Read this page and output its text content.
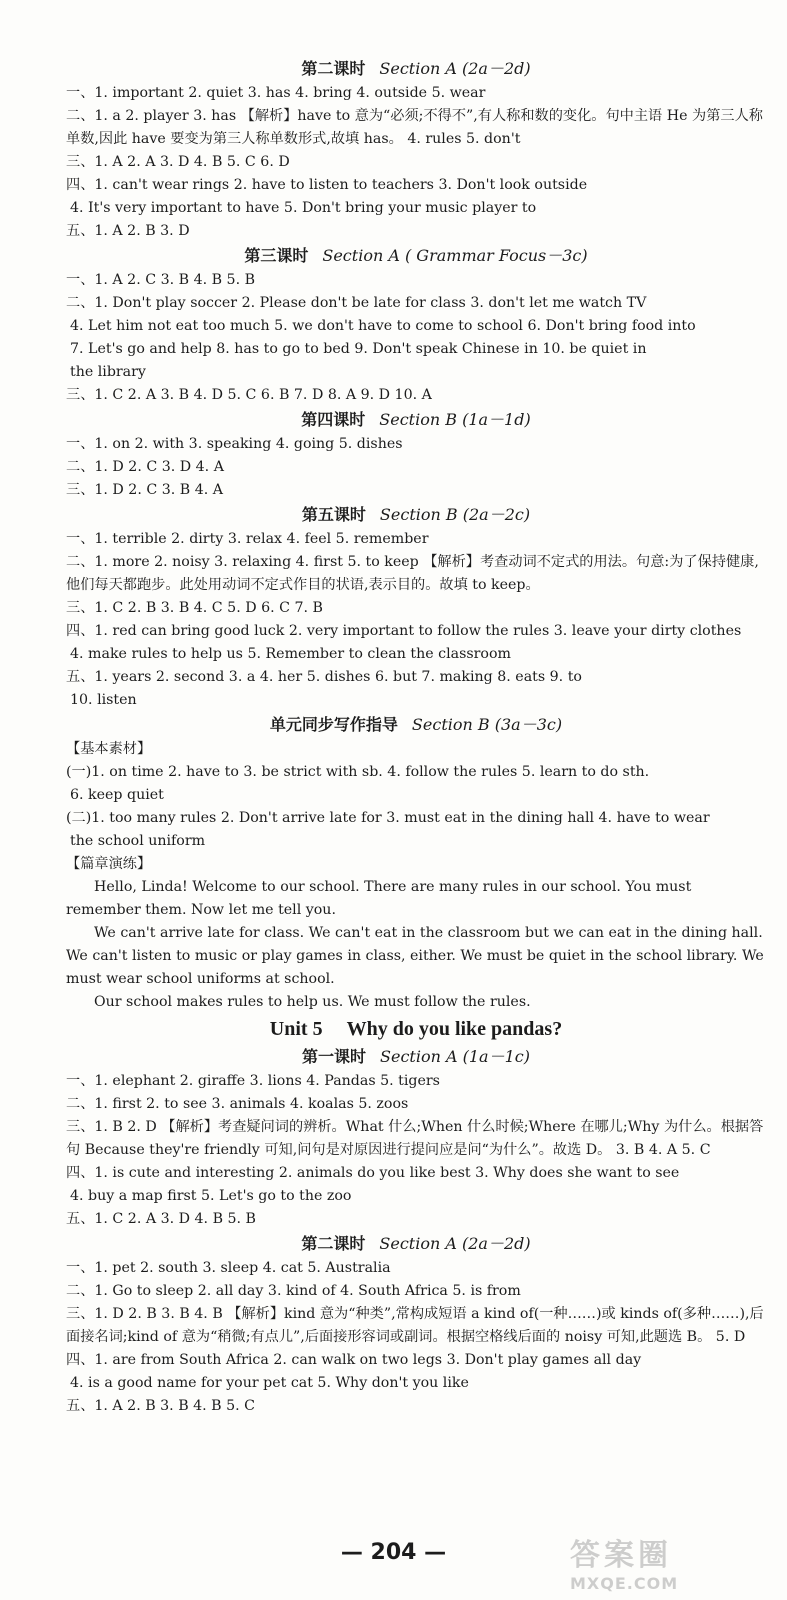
第二课时 Section A (2a－2d)
一、1. important 2. quiet 3. has 4. bring 4. outside 5. wear
二、1. a 2. player 3. has 【解析】have to 意为“必须;不得不”,有人称和数的变化。句中主语 He 为第三人称单数,因此 have 要变为第三人称单数形式,故填 has。 4. rules 5. don't
三、1. A 2. A 3. D 4. B 5. C 6. D
四、1. can't wear rings 2. have to listen to teachers 3. Don't look outside
4. It's very important to have 5. Don't bring your music player to
五、1. A 2. B 3. D
第三课时 Section A ( Grammar Focus－3c)
一、1. A 2. C 3. B 4. B 5. B
二、1. Don't play soccer 2. Please don't be late for class 3. don't let me watch TV
4. Let him not eat too much 5. we don't have to come to school 6. Don't bring food into
7. Let's go and help 8. has to go to bed 9. Don't speak Chinese in 10. be quiet in
the library
三、1. C 2. A 3. B 4. D 5. C 6. B 7. D 8. A 9. D 10. A
第四课时 Section B (1a－1d)
一、1. on 2. with 3. speaking 4. going 5. dishes
二、1. D 2. C 3. D 4. A
三、1. D 2. C 3. B 4. A
第五课时 Section B (2a－2c)
一、1. terrible 2. dirty 3. relax 4. feel 5. remember
二、1. more 2. noisy 3. relaxing 4. first 5. to keep 【解析】考查动词不定式的用法。句意:为了保持健康,他们每天都跑步。此处用动词不定式作目的状语,表示目的。故填 to keep。
三、1. C 2. B 3. B 4. C 5. D 6. C 7. B
四、1. red can bring good luck 2. very important to follow the rules 3. leave your dirty clothes
4. make rules to help us 5. Remember to clean the classroom
五、1. years 2. second 3. a 4. her 5. dishes 6. but 7. making 8. eats 9. to
10. listen
单元同步写作指导 Section B (3a－3c)
【基本素材】
(一)1. on time 2. have to 3. be strict with sb. 4. follow the rules 5. learn to do sth.
6. keep quiet
(二)1. too many rules 2. Don't arrive late for 3. must eat in the dining hall 4. have to wear
the school uniform
【篇章演练】
Hello, Linda! Welcome to our school. There are many rules in our school. You must remember them. Now let me tell you.
We can't arrive late for class. We can't eat in the classroom but we can eat in the dining hall. We can't listen to music or play games in class, either. We must be quiet in the school library. We must wear school uniforms at school.
Our school makes rules to help us. We must follow the rules.
Unit 5 Why do you like pandas?
第一课时 Section A (1a－1c)
一、1. elephant 2. giraffe 3. lions 4. Pandas 5. tigers
二、1. first 2. to see 3. animals 4. koalas 5. zoos
三、1. B 2. D 【解析】考查疑问词的辨析。What 什么;When 什么时候;Where 在哪儿;Why 为什么。根据答句 Because they're friendly 可知,问句是对原因进行提问应是问“为什么”。故选 D。 3. B 4. A 5. C
四、1. is cute and interesting 2. animals do you like best 3. Why does she want to see
4. buy a map first 5. Let's go to the zoo
五、1. C 2. A 3. D 4. B 5. B
第二课时 Section A (2a－2d)
一、1. pet 2. south 3. sleep 4. cat 5. Australia
二、1. Go to sleep 2. all day 3. kind of 4. South Africa 5. is from
三、1. D 2. B 3. B 4. B 【解析】kind 意为“种类”,常构成短语 a kind of(一种……)或 kinds of(多种……),后面接名词;kind of 意为“稍微;有点儿”,后面接形容词或副词。根据空格线后面的 noisy 可知,此题选 B。 5. D
四、1. are from South Africa 2. can walk on two legs 3. Don't play games all day
4. is a good name for your pet cat 5. Why don't you like
五、1. A 2. B 3. B 4. B 5. C
— 204 —	答案圈
MXQE.COM
